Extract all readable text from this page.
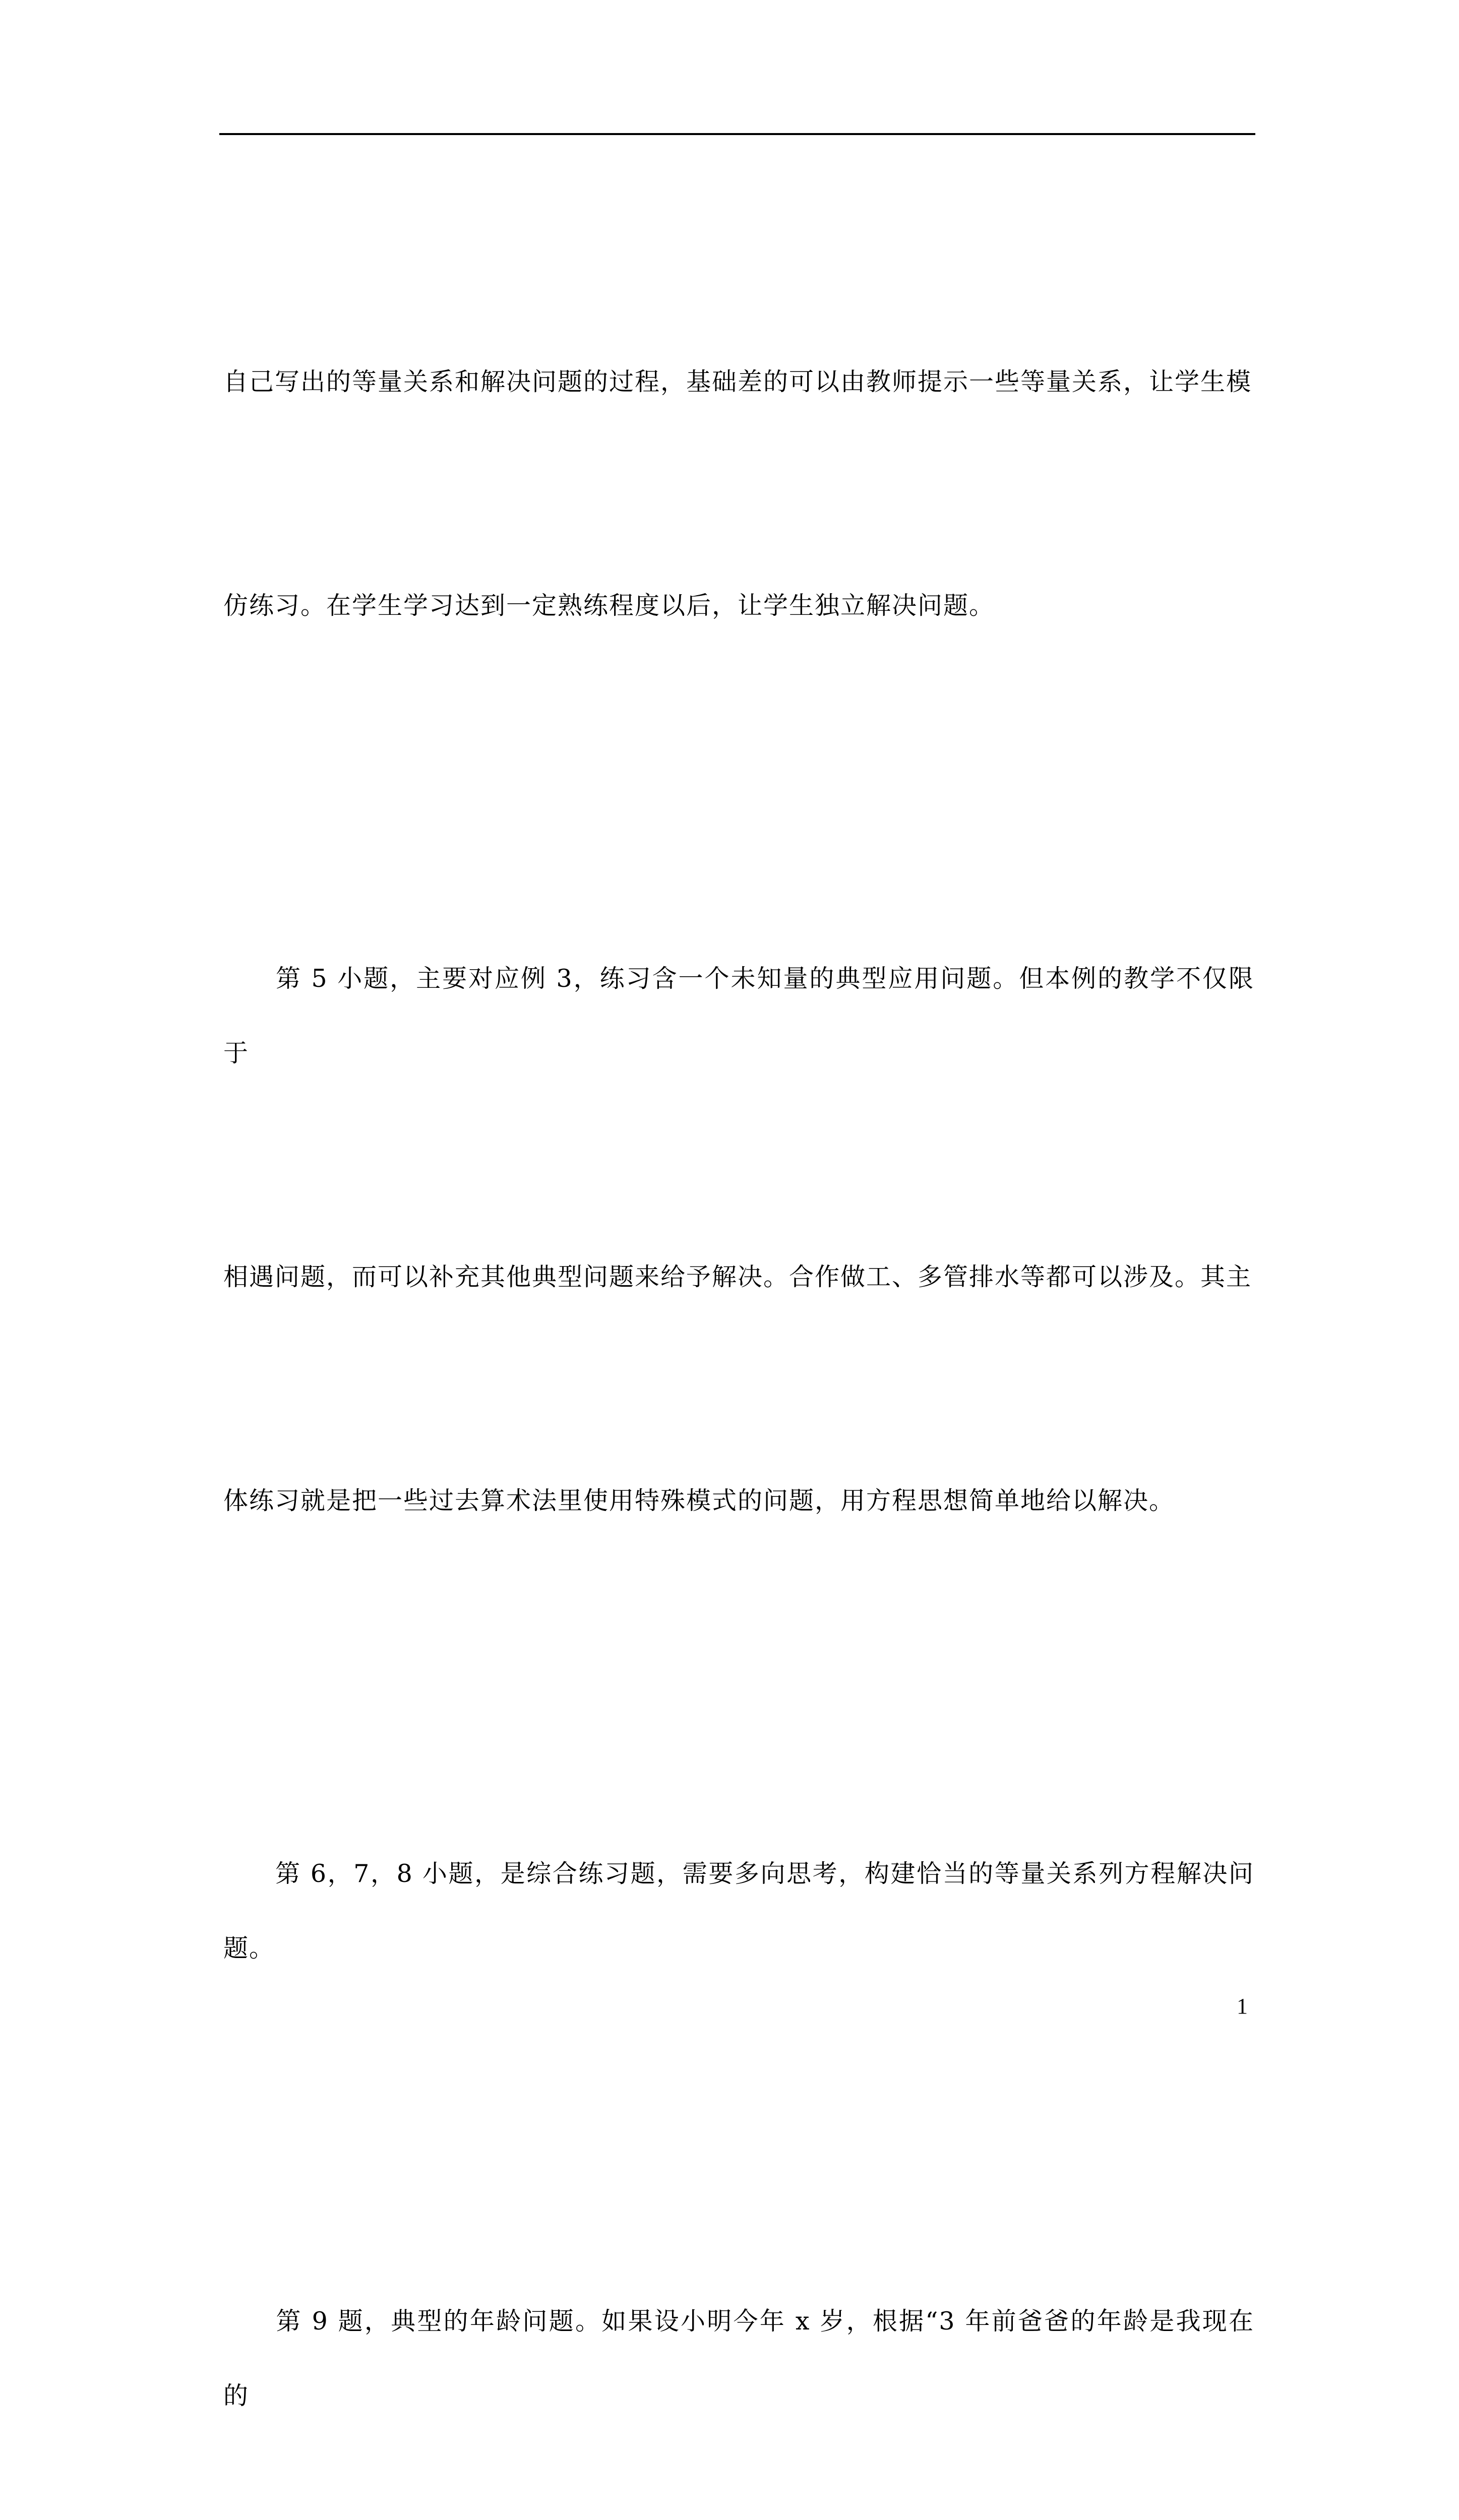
自己写出的等量关系和解决问题的过程，基础差的可以由教师提示一些等量关系，让学生模

仿练习。在学生学习达到一定熟练程度以后，让学生独立解决问题。

　　第 5 小题，主要对应例 3，练习含一个未知量的典型应用问题。但本例的教学不仅限于

相遇问题，而可以补充其他典型问题来给予解决。合作做工、多管排水等都可以涉及。其主

体练习就是把一些过去算术法里使用特殊模式的问题，用方程思想简单地给以解决。

　　第 6，7，8 小题，是综合练习题，需要多向思考，构建恰当的等量关系列方程解决问题。

　　第 9 题，典型的年龄问题。如果设小明今年 x 岁，根据“3 年前爸爸的年龄是我现在的

1
